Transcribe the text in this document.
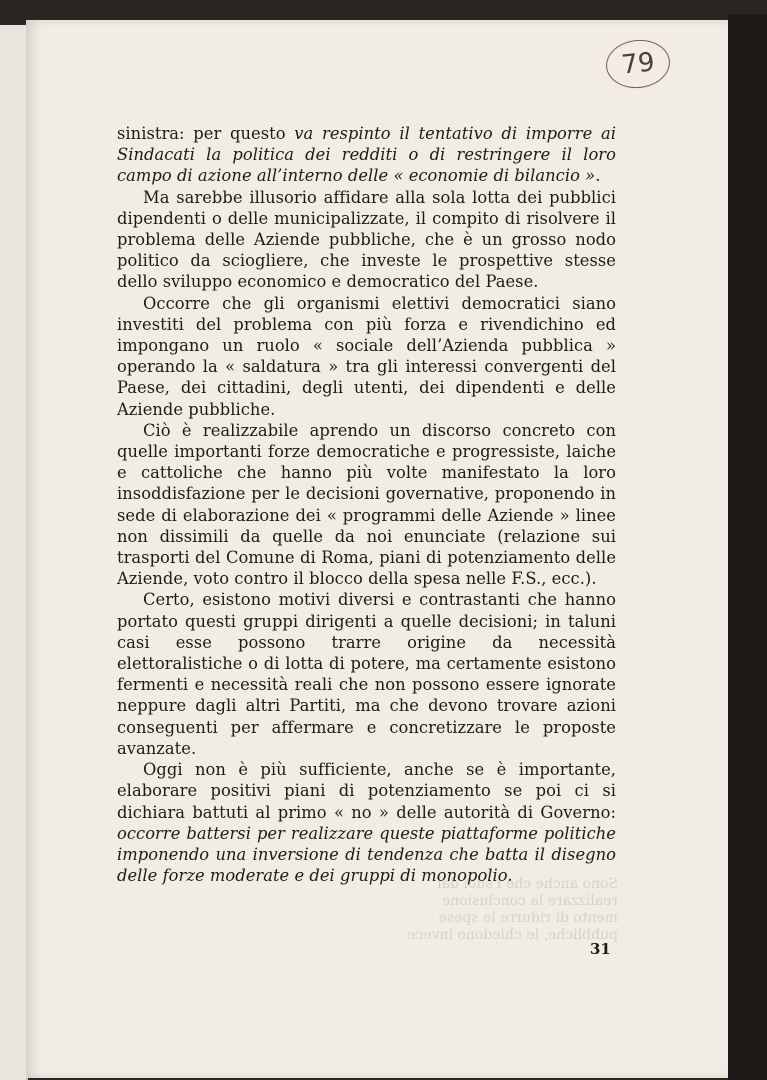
79
Sono anche che i suoi dal realizzare la conclusione
mento di ridurre le spese pubbliche, le chiedono invece

sinistra: per questo va respinto il tentativo di imporre ai Sindacati la politica dei redditi o di restringere il loro campo di azione all’interno delle « economie di bilancio ».

Ma sarebbe illusorio affidare alla sola lotta dei pubblici dipendenti o delle municipalizzate, il compito di risolvere il problema delle Aziende pubbliche, che è un grosso nodo politico da sciogliere, che investe le prospettive stesse dello sviluppo economico e democratico del Paese.

Occorre che gli organismi elettivi democratici siano investiti del problema con più forza e rivendichino ed impongano un ruolo « sociale dell’Azienda pubblica » operando la « saldatura » tra gli interessi convergenti del Paese, dei cittadini, degli utenti, dei dipendenti e delle Aziende pubbliche.

Ciò è realizzabile aprendo un discorso concreto con quelle importanti forze democratiche e progressiste, laiche e cattoliche che hanno più volte manifestato la loro insoddisfazione per le decisioni governative, proponendo in sede di elaborazione dei « programmi delle Aziende » linee non dissimili da quelle da noi enunciate (relazione sui trasporti del Comune di Roma, piani di potenziamento delle Aziende, voto contro il blocco della spesa nelle F.S., ecc.).

Certo, esistono motivi diversi e contrastanti che hanno portato questi gruppi dirigenti a quelle decisioni; in taluni casi esse possono trarre origine da necessità elettoralistiche o di lotta di potere, ma certamente esistono fermenti e necessità reali che non possono essere ignorate neppure dagli altri Partiti, ma che devono trovare azioni conseguenti per affermare e concretizzare le proposte avanzate.

Oggi non è più sufficiente, anche se è importante, elaborare positivi piani di potenziamento se poi ci si dichiara battuti al primo « no » delle autorità di Governo: occorre battersi per realizzare queste piattaforme politiche imponendo una inversione di tendenza che batta il disegno delle forze moderate e dei gruppi di monopolio.

31
